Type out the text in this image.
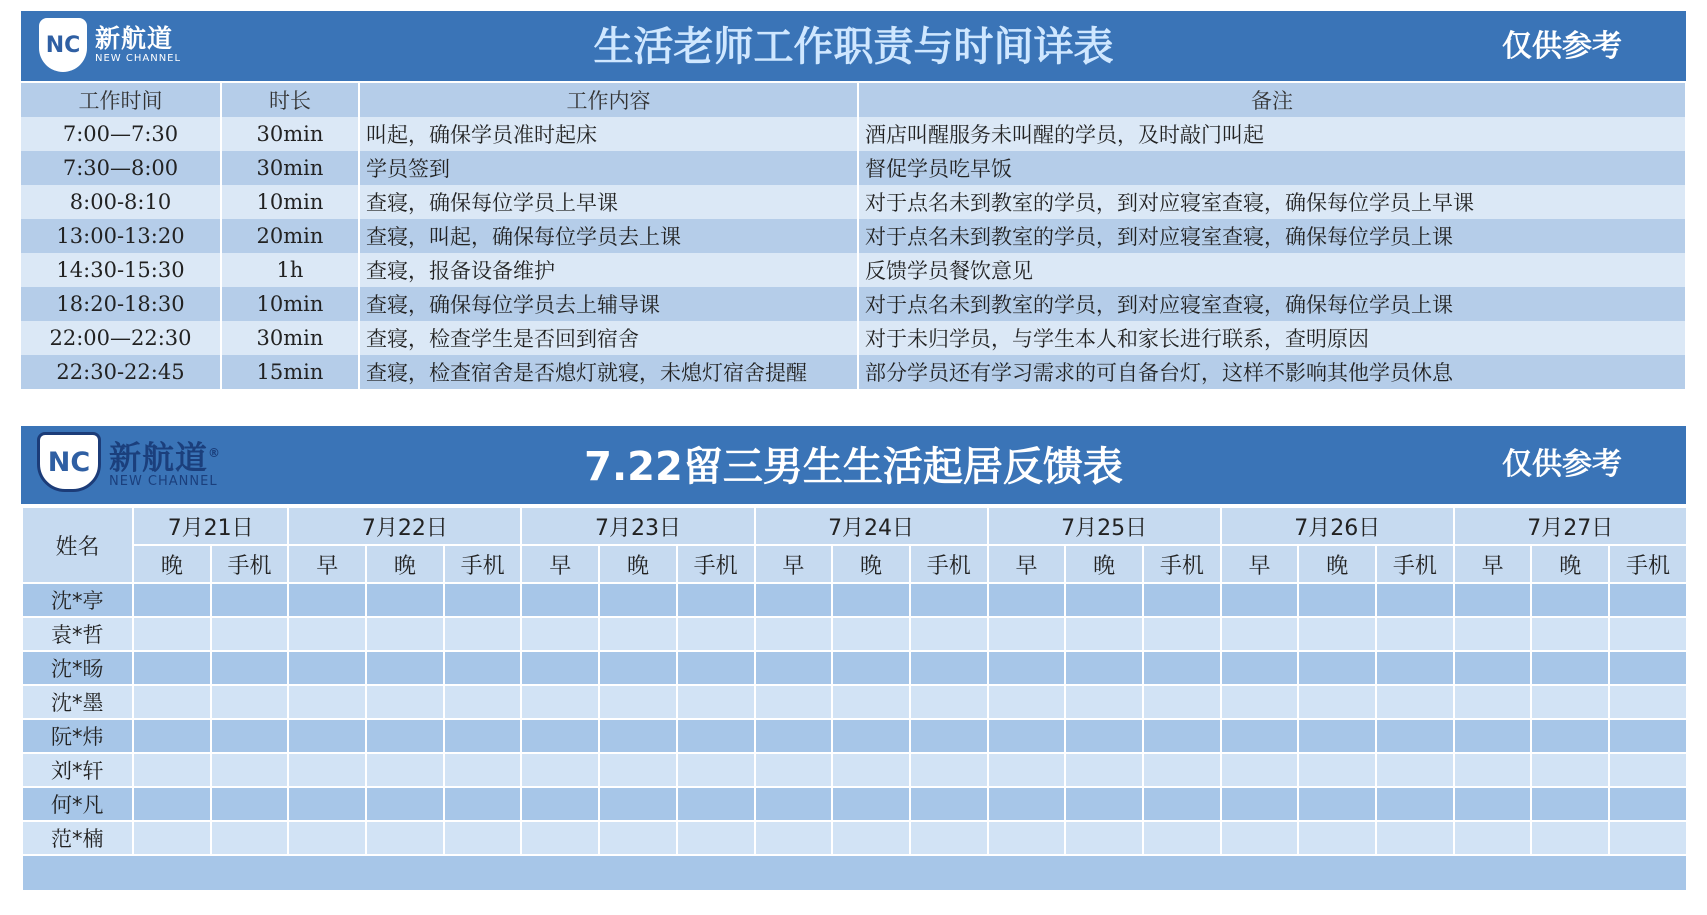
NC 新航道
NEW CHANNEL	生活老师工作职责与时间详表	仅供参考
工作时间	时长	工作内容	备注
7:00—7:30	30min	叫起，确保学员准时起床	酒店叫醒服务未叫醒的学员，及时敲门叫起
7:30—8:00	30min	学员签到	督促学员吃早饭
8:00-8:10	10min	查寝，确保每位学员上早课	对于点名未到教室的学员，到对应寝室查寝，确保每位学员上早课
13:00-13:20	20min	查寝，叫起，确保每位学员去上课	对于点名未到教室的学员，到对应寝室查寝，确保每位学员上课
14:30-15:30	1h	查寝，报备设备维护	反馈学员餐饮意见
18:20-18:30	10min	查寝，确保每位学员去上辅导课	对于点名未到教室的学员，到对应寝室查寝，确保每位学员上课
22:00—22:30	30min	查寝，检查学生是否回到宿舍	对于未归学员，与学生本人和家长进行联系，查明原因
22:30-22:45	15min	查寝，检查宿舍是否熄灯就寝，未熄灯宿舍提醒	部分学员还有学习需求的可自备台灯，这样不影响其他学员休息
NC 新航道®
NEW CHANNEL	7.22留三男生生活起居反馈表	仅供参考
姓名	7月21日		7月22日			7月23日			7月24日			7月25日			7月26日			7月27日		
	晚	手机	早	晚	手机	早	晚	手机	早	晚	手机	早	晚	手机	早	晚	手机	早	晚	手机
沈*亭																				
袁*哲																				
沈*旸																				
沈*墨																				
阮*炜																				
刘*轩																				
何*凡																				
范*楠																				
